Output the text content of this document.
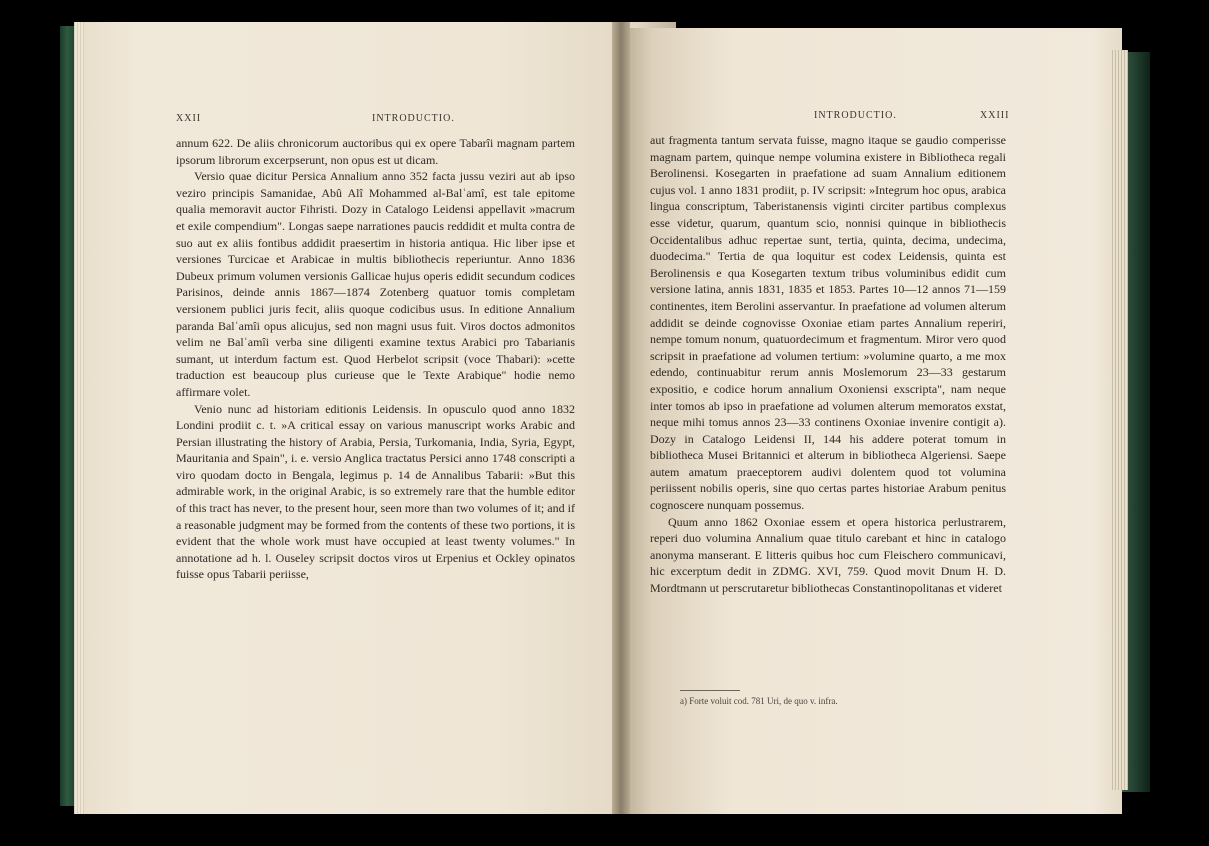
XXII	INTRODUCTIO.

annum 622. De aliis chronicorum auctoribus qui ex opere Tabarîi magnam partem ipsorum librorum excerpserunt, non opus est ut dicam.

Versio quae dicitur Persica Annalium anno 352 facta jussu veziri aut ab ipso veziro principis Samanidae, Abû Alî Mohammed al-Balʿamî, est tale epitome qualia memoravit auctor Fihristi. Dozy in Catalogo Leidensi appellavit »macrum et exile compendium". Longas saepe narrationes paucis reddidit et multa contra de suo aut ex aliis fontibus addidit praesertim in historia antiqua. Hic liber ipse et versiones Turcicae et Arabicae in multis bibliothecis reperiuntur. Anno 1836 Dubeux primum volumen versionis Gallicae hujus operis edidit secundum codices Parisinos, deinde annis 1867—1874 Zotenberg quatuor tomis completam versionem publici juris fecit, aliis quoque codicibus usus. In editione Annalium paranda Balʿamîi opus alicujus, sed non magni usus fuit. Viros doctos admonitos velim ne Balʿamîi verba sine diligenti examine textus Arabici pro Tabarianis sumant, ut interdum factum est. Quod Herbelot scripsit (voce Thabari): »cette traduction est beaucoup plus curieuse que le Texte Arabique" hodie nemo affirmare volet.

Venio nunc ad historiam editionis Leidensis. In opusculo quod anno 1832 Londini prodiit c. t. »A critical essay on various manuscript works Arabic and Persian illustrating the history of Arabia, Persia, Turkomania, India, Syria, Egypt, Mauritania and Spain", i. e. versio Anglica tractatus Persici anno 1748 conscripti a viro quodam docto in Bengala, legimus p. 14 de Annalibus Tabarii: »But this admirable work, in the original Arabic, is so extremely rare that the humble editor of this tract has never, to the present hour, seen more than two volumes of it; and if a reasonable judgment may be formed from the contents of these two portions, it is evident that the whole work must have occupied at least twenty volumes." In annotatione ad h. l. Ouseley scripsit doctos viros ut Erpenius et Ockley opinatos fuisse opus Tabarii periisse,

INTRODUCTIO.	XXIII

aut fragmenta tantum servata fuisse, magno itaque se gaudio comperisse magnam partem, quinque nempe volumina existere in Bibliotheca regali Berolinensi. Kosegarten in praefatione ad suam Annalium editionem cujus vol. 1 anno 1831 prodiit, p. IV scripsit: »Integrum hoc opus, arabica lingua conscriptum, Taberistanensis viginti circiter partibus complexus esse videtur, quarum, quantum scio, nonnisi quinque in bibliothecis Occidentalibus adhuc repertae sunt, tertia, quinta, decima, undecima, duodecima." Tertia de qua loquitur est codex Leidensis, quinta est Berolinensis e qua Kosegarten textum tribus voluminibus edidit cum versione latina, annis 1831, 1835 et 1853. Partes 10—12 annos 71—159 continentes, item Berolini asservantur. In praefatione ad volumen alterum addidit se deinde cognovisse Oxoniae etiam partes Annalium reperiri, nempe tomum nonum, quatuordecimum et fragmentum. Miror vero quod scripsit in praefatione ad volumen tertium: »volumine quarto, a me mox edendo, continuabitur rerum annis Moslemorum 23—33 gestarum expositio, e codice horum annalium Oxoniensi exscripta", nam neque inter tomos ab ipso in praefatione ad volumen alterum memoratos exstat, neque mihi tomus annos 23—33 continens Oxoniae invenire contigit a). Dozy in Catalogo Leidensi II, 144 his addere poterat tomum in bibliotheca Musei Britannici et alterum in bibliotheca Algeriensi. Saepe autem amatum praeceptorem audivi dolentem quod tot volumina periissent nobilis operis, sine quo certas partes historiae Arabum penitus cognoscere nunquam possemus.

Quum anno 1862 Oxoniae essem et opera historica perlustrarem, reperi duo volumina Annalium quae titulo carebant et hinc in catalogo anonyma manserant. E litteris quibus hoc cum Fleischero communicavi, hic excerptum dedit in ZDMG. XVI, 759. Quod movit Dnum H. D. Mordtmann ut perscrutaretur bibliothecas Constantinopolitanas et videret

a) Forte voluit cod. 781 Uri, de quo v. infra.
